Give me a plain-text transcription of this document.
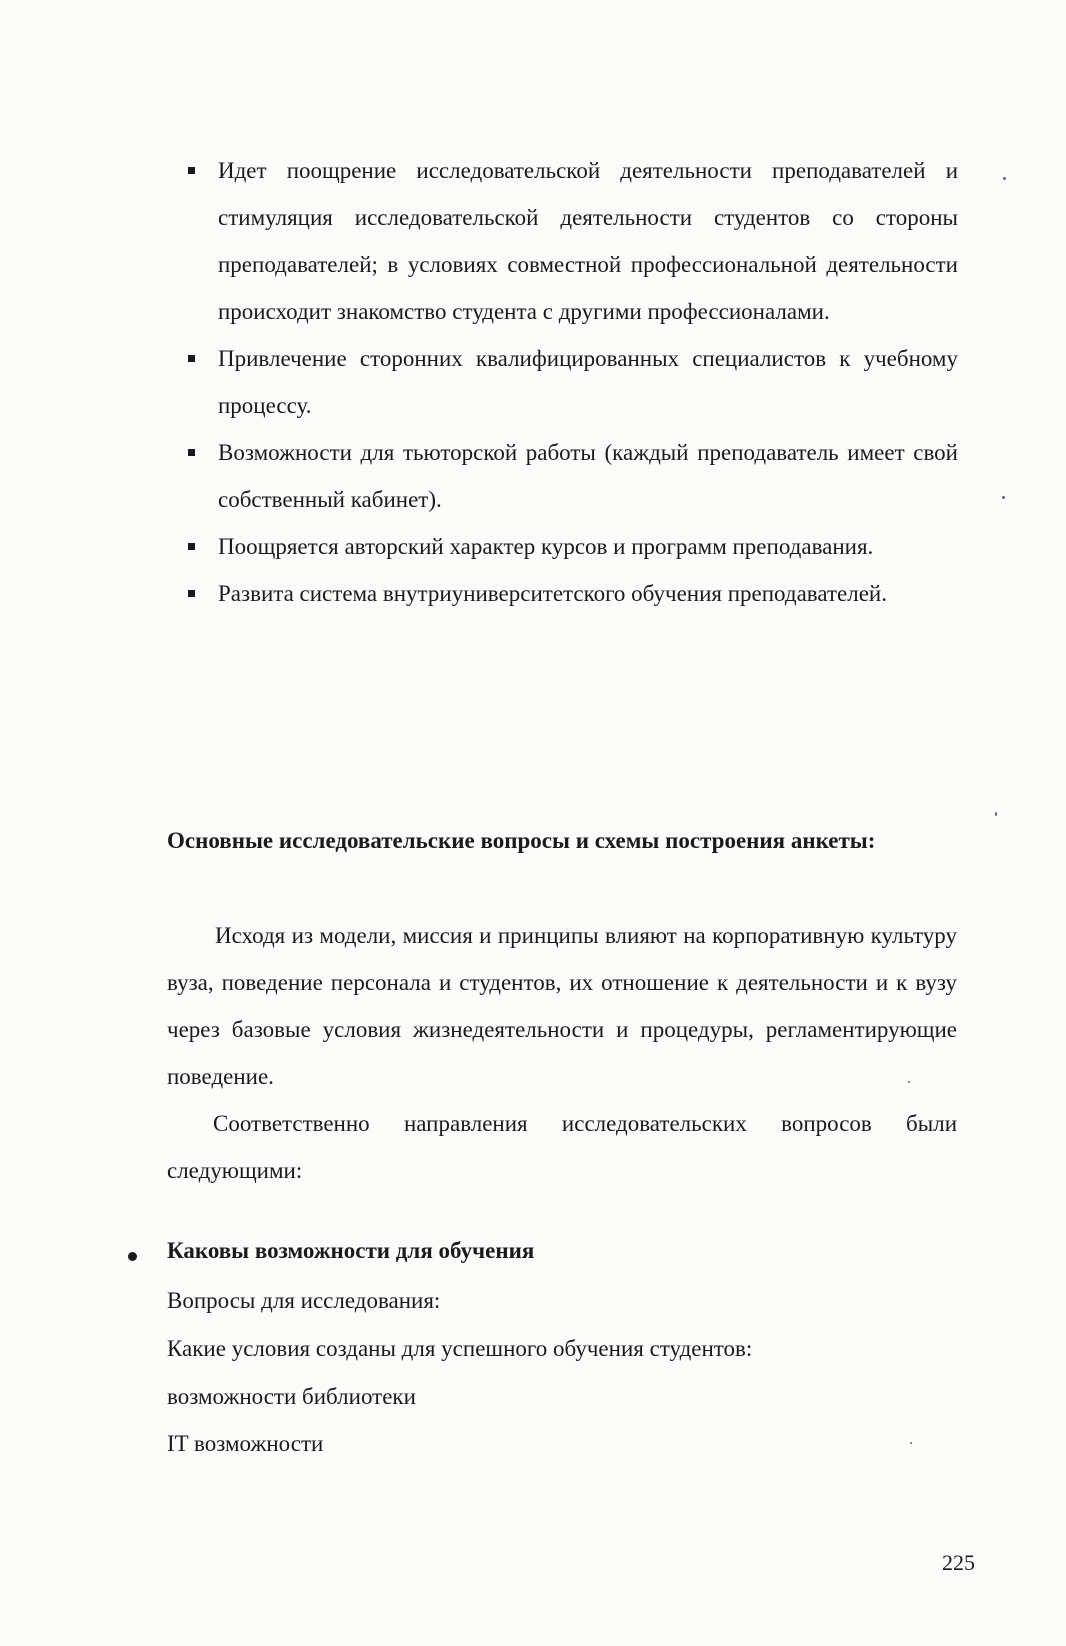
Идет поощрение исследовательской деятельности преподавателей и стимуляция исследовательской деятельности студентов со стороны преподавателей; в условиях совместной профессиональной деятельности происходит знакомство студента с другими профессионалами.
Привлечение сторонних квалифицированных специалистов к учебному процессу.
Возможности для тьюторской работы (каждый преподаватель имеет свой собственный кабинет).
Поощряется авторский характер курсов и программ преподавания.
Развита система внутриуниверситетского обучения преподавателей.
Основные исследовательские вопросы и схемы построения анкеты:

Исходя из модели, миссия и принципы влияют на корпоративную культуру вуза, поведение персонала и студентов, их отношение к деятельности и к вузу через базовые условия жизнедеятельности и процедуры, регламентирующие поведение.

Соответственно направления исследовательских вопросов были следующими:

Каковы возможности для обучения
Вопросы для исследования:
Какие условия созданы для успешного обучения студентов:
возможности библиотеки
IT возможности
225
